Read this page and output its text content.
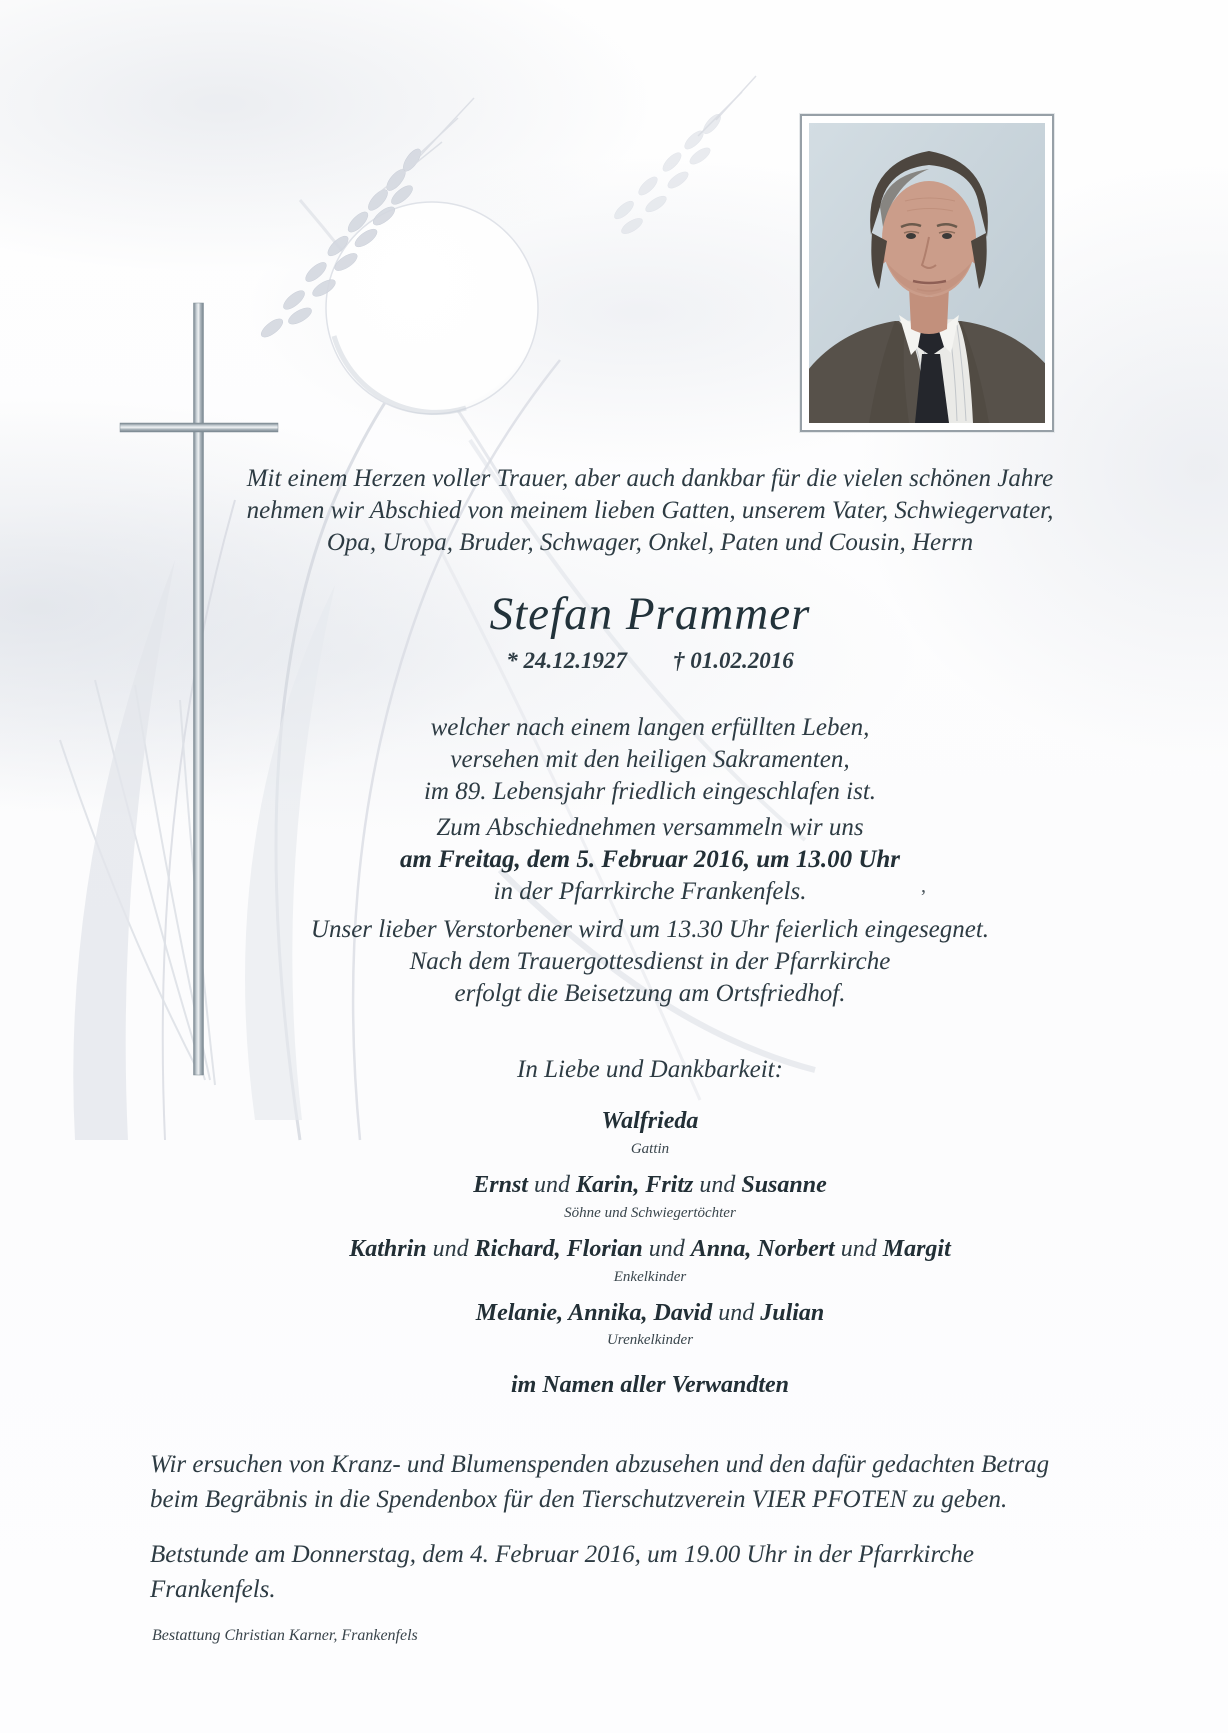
Mit einem Herzen voller Trauer, aber auch dankbar für die vielen schönen Jahre
nehmen wir Abschied von meinem lieben Gatten, unserem Vater, Schwiegervater,
Opa, Uropa, Bruder, Schwager, Onkel, Paten und Cousin, Herrn
Stefan Prammer
* 24.12.1927 † 01.02.2016
welcher nach einem langen erfüllten Leben,
versehen mit den heiligen Sakramenten,
im 89. Lebensjahr friedlich eingeschlafen ist.
Zum Abschiednehmen versammeln wir uns
am Freitag, dem 5. Februar 2016, um 13.00 Uhr
in der Pfarrkirche Frankenfels.
Unser lieber Verstorbener wird um 13.30 Uhr feierlich eingesegnet.
Nach dem Trauergottesdienst in der Pfarrkirche
erfolgt die Beisetzung am Ortsfriedhof.
’
In Liebe und Dankbarkeit:
Walfrieda
Gattin
Ernst und Karin, Fritz und Susanne
Söhne und Schwiegertöchter
Kathrin und Richard, Florian und Anna, Norbert und Margit
Enkelkinder
Melanie, Annika, David und Julian
Urenkelkinder
im Namen aller Verwandten
Wir ersuchen von Kranz- und Blumenspenden abzusehen und den dafür gedachten Betrag
beim Begräbnis in die Spendenbox für den Tierschutzverein VIER PFOTEN zu geben.
Betstunde am Donnerstag, dem 4. Februar 2016, um 19.00 Uhr in der Pfarrkirche Frankenfels.
Bestattung Christian Karner, Frankenfels
